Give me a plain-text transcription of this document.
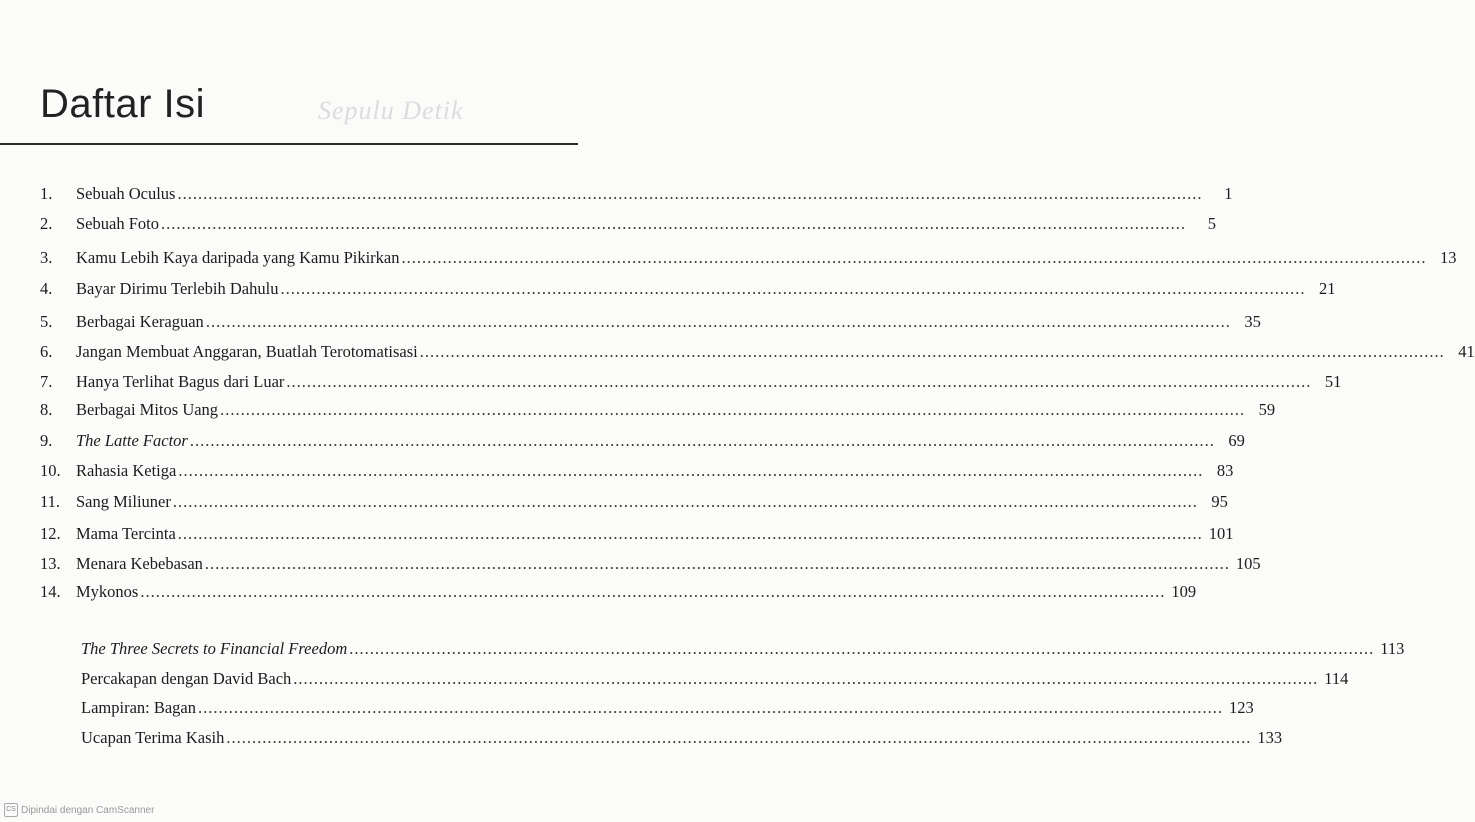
Sepulu Detik
Daftar Isi
CS Dipindai dengan CamScanner
1.	Sebuah Oculus ........................................................................................................................................................................................................	1
2.	Sebuah Foto ........................................................................................................................................................................................................	5
3.	Kamu Lebih Kaya daripada yang Kamu Pikirkan ........................................................................................................................................................................................................ 13
4.	Bayar Dirimu Terlebih Dahulu ........................................................................................................................................................................................................ 21
5.	Berbagai Keraguan ........................................................................................................................................................................................................ 35
6.	Jangan Membuat Anggaran, Buatlah Terotomatisasi ........................................................................................................................................................................................................ 41
7.	Hanya Terlihat Bagus dari Luar ........................................................................................................................................................................................................ 51
8.	Berbagai Mitos Uang ........................................................................................................................................................................................................ 59
9.	The Latte Factor ........................................................................................................................................................................................................ 69
10. Rahasia Ketiga ........................................................................................................................................................................................................ 83
11. Sang Miliuner ........................................................................................................................................................................................................ 95
12. Mama Tercinta ........................................................................................................................................................................................................ 101
13. Menara Kebebasan ........................................................................................................................................................................................................ 105
14. Mykonos ........................................................................................................................................................................................................ 109
The Three Secrets to Financial Freedom ........................................................................................................................................................................................................ 113
Percakapan dengan David Bach ........................................................................................................................................................................................................ 114
Lampiran: Bagan ........................................................................................................................................................................................................ 123
Ucapan Terima Kasih ........................................................................................................................................................................................................ 133
